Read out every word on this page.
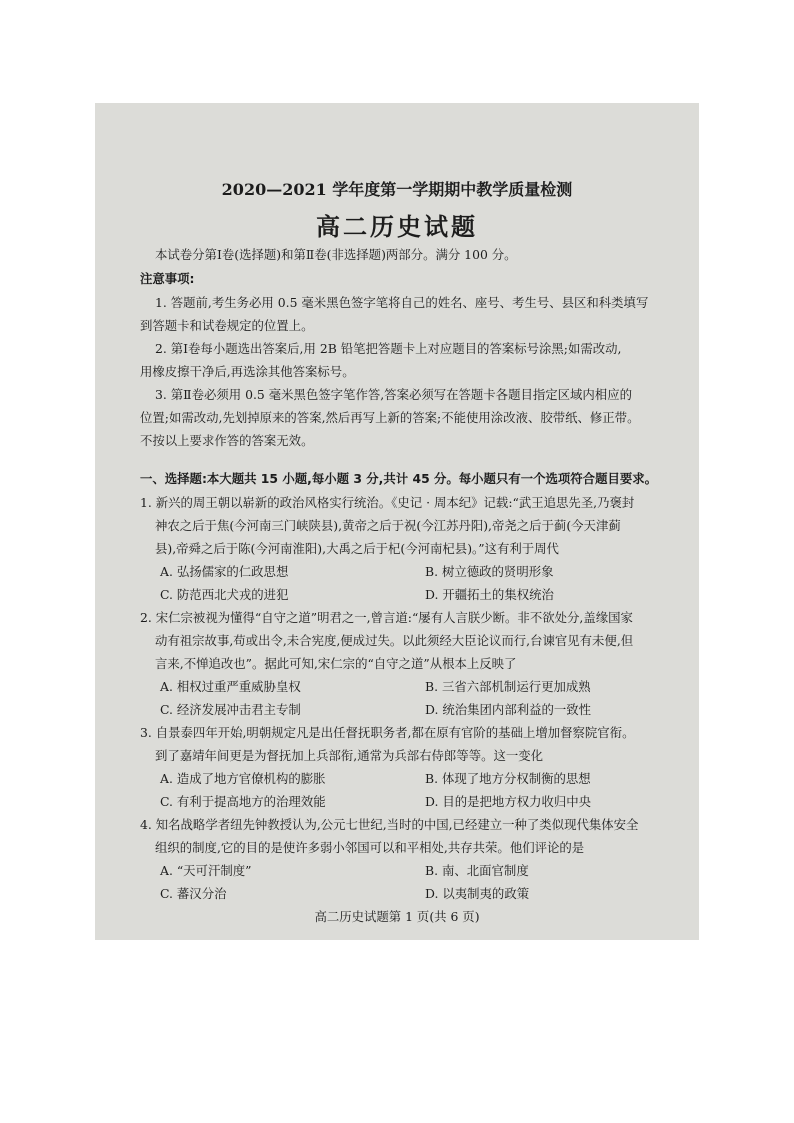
2020—2021 学年度第一学期期中教学质量检测
高二历史试题
本试卷分第Ⅰ卷(选择题)和第Ⅱ卷(非选择题)两部分。满分 100 分。
注意事项:
1. 答题前,考生务必用 0.5 毫米黑色签字笔将自己的姓名、座号、考生号、县区和科类填写
到答题卡和试卷规定的位置上。
2. 第Ⅰ卷每小题选出答案后,用 2B 铅笔把答题卡上对应题目的答案标号涂黑;如需改动,
用橡皮擦干净后,再选涂其他答案标号。
3. 第Ⅱ卷必须用 0.5 毫米黑色签字笔作答,答案必须写在答题卡各题目指定区域内相应的
位置;如需改动,先划掉原来的答案,然后再写上新的答案;不能使用涂改液、胶带纸、修正带。
不按以上要求作答的答案无效。
一、选择题:本大题共 15 小题,每小题 3 分,共计 45 分。每小题只有一个选项符合题目要求。
1. 新兴的周王朝以崭新的政治风格实行统治。《史记 · 周本纪》记载:“武王追思先圣,乃褒封
神农之后于焦(今河南三门峡陕县),黄帝之后于祝(今江苏丹阳),帝尧之后于蓟(今天津蓟
县),帝舜之后于陈(今河南淮阳),大禹之后于杞(今河南杞县)。”这有利于周代
A. 弘扬儒家的仁政思想	B. 树立德政的贤明形象
C. 防范西北犬戎的进犯	D. 开疆拓土的集权统治
2. 宋仁宗被视为懂得“自守之道”明君之一,曾言道:“屡有人言朕少断。非不欲处分,盖缘国家
动有祖宗故事,苟或出令,未合宪度,便成过失。以此须经大臣论议而行,台谏官见有未便,但
言来,不惮追改也”。据此可知,宋仁宗的“自守之道”从根本上反映了
A. 相权过重严重威胁皇权	B. 三省六部机制运行更加成熟
C. 经济发展冲击君主专制	D. 统治集团内部利益的一致性
3. 自景泰四年开始,明朝规定凡是出任督抚职务者,都在原有官阶的基础上增加督察院官衔。
到了嘉靖年间更是为督抚加上兵部衔,通常为兵部右侍郎等等。这一变化
A. 造成了地方官僚机构的膨胀	B. 体现了地方分权制衡的思想
C. 有利于提高地方的治理效能	D. 目的是把地方权力收归中央
4. 知名战略学者纽先钟教授认为,公元七世纪,当时的中国,已经建立一种了类似现代集体安全
组织的制度,它的目的是使许多弱小邻国可以和平相处,共存共荣。他们评论的是
A. “天可汗制度”	B. 南、北面官制度
C. 蕃汉分治	D. 以夷制夷的政策
高二历史试题第 1 页(共 6 页)
